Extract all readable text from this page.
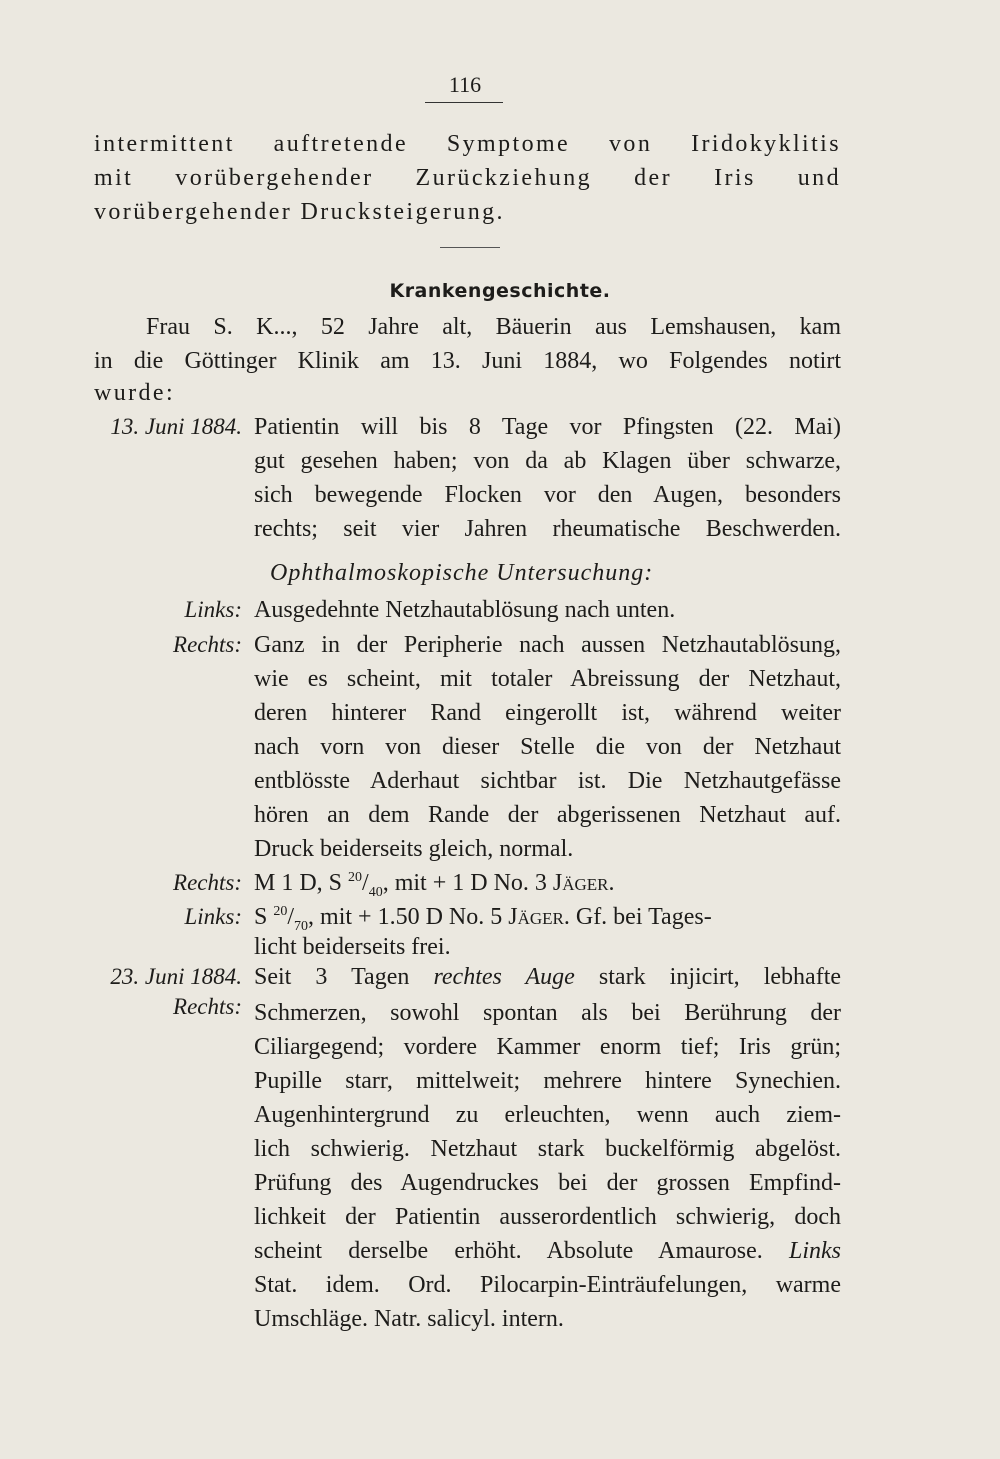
116
intermittent auftretende Symptome von Iridokyklitis
mit vorübergehender Zurückziehung der Iris und
vorübergehender Drucksteigerung.
Krankengeschichte.
Frau S. K..., 52 Jahre alt, Bäuerin aus Lemshausen, kam
in die Göttinger Klinik am 13. Juni 1884, wo Folgendes notirt
wurde:
13. Juni 1884. Patientin will bis 8 Tage vor Pfingsten (22. Mai)
gut gesehen haben; von da ab Klagen über schwarze,
sich bewegende Flocken vor den Augen, besonders
rechts; seit vier Jahren rheumatische Beschwerden.
Ophthalmoskopische Untersuchung:
Links: Ausgedehnte Netzhautablösung nach unten.
Rechts: Ganz in der Peripherie nach aussen Netzhautablösung,
wie es scheint, mit totaler Abreissung der Netzhaut,
deren hinterer Rand eingerollt ist, während weiter
nach vorn von dieser Stelle die von der Netzhaut
entblösste Aderhaut sichtbar ist. Die Netzhautgefässe
hören an dem Rande der abgerissenen Netzhaut auf.
Druck beiderseits gleich, normal.
Rechts: M 1 D, S $^{20}/_{40}$, mit + 1 D No. 3 Jäger.
Links: S $^{20}/_{70}$, mit + 1.50 D No. 5 Jäger. Gf. bei Tages-
licht beiderseits frei.
23. Juni 1884.
Rechts:
Seit 3 Tagen rechtes Auge stark injicirt, lebhafte
Schmerzen, sowohl spontan als bei Berührung der
Ciliargegend; vordere Kammer enorm tief; Iris grün;
Pupille starr, mittelweit; mehrere hintere Synechien.
Augenhintergrund zu erleuchten, wenn auch ziem-
lich schwierig. Netzhaut stark buckelförmig abgelöst.
Prüfung des Augendruckes bei der grossen Empfind-
lichkeit der Patientin ausserordentlich schwierig, doch
scheint derselbe erhöht. Absolute Amaurose. Links
Stat. idem. Ord. Pilocarpin-Einträufelungen, warme
Umschläge. Natr. salicyl. intern.
